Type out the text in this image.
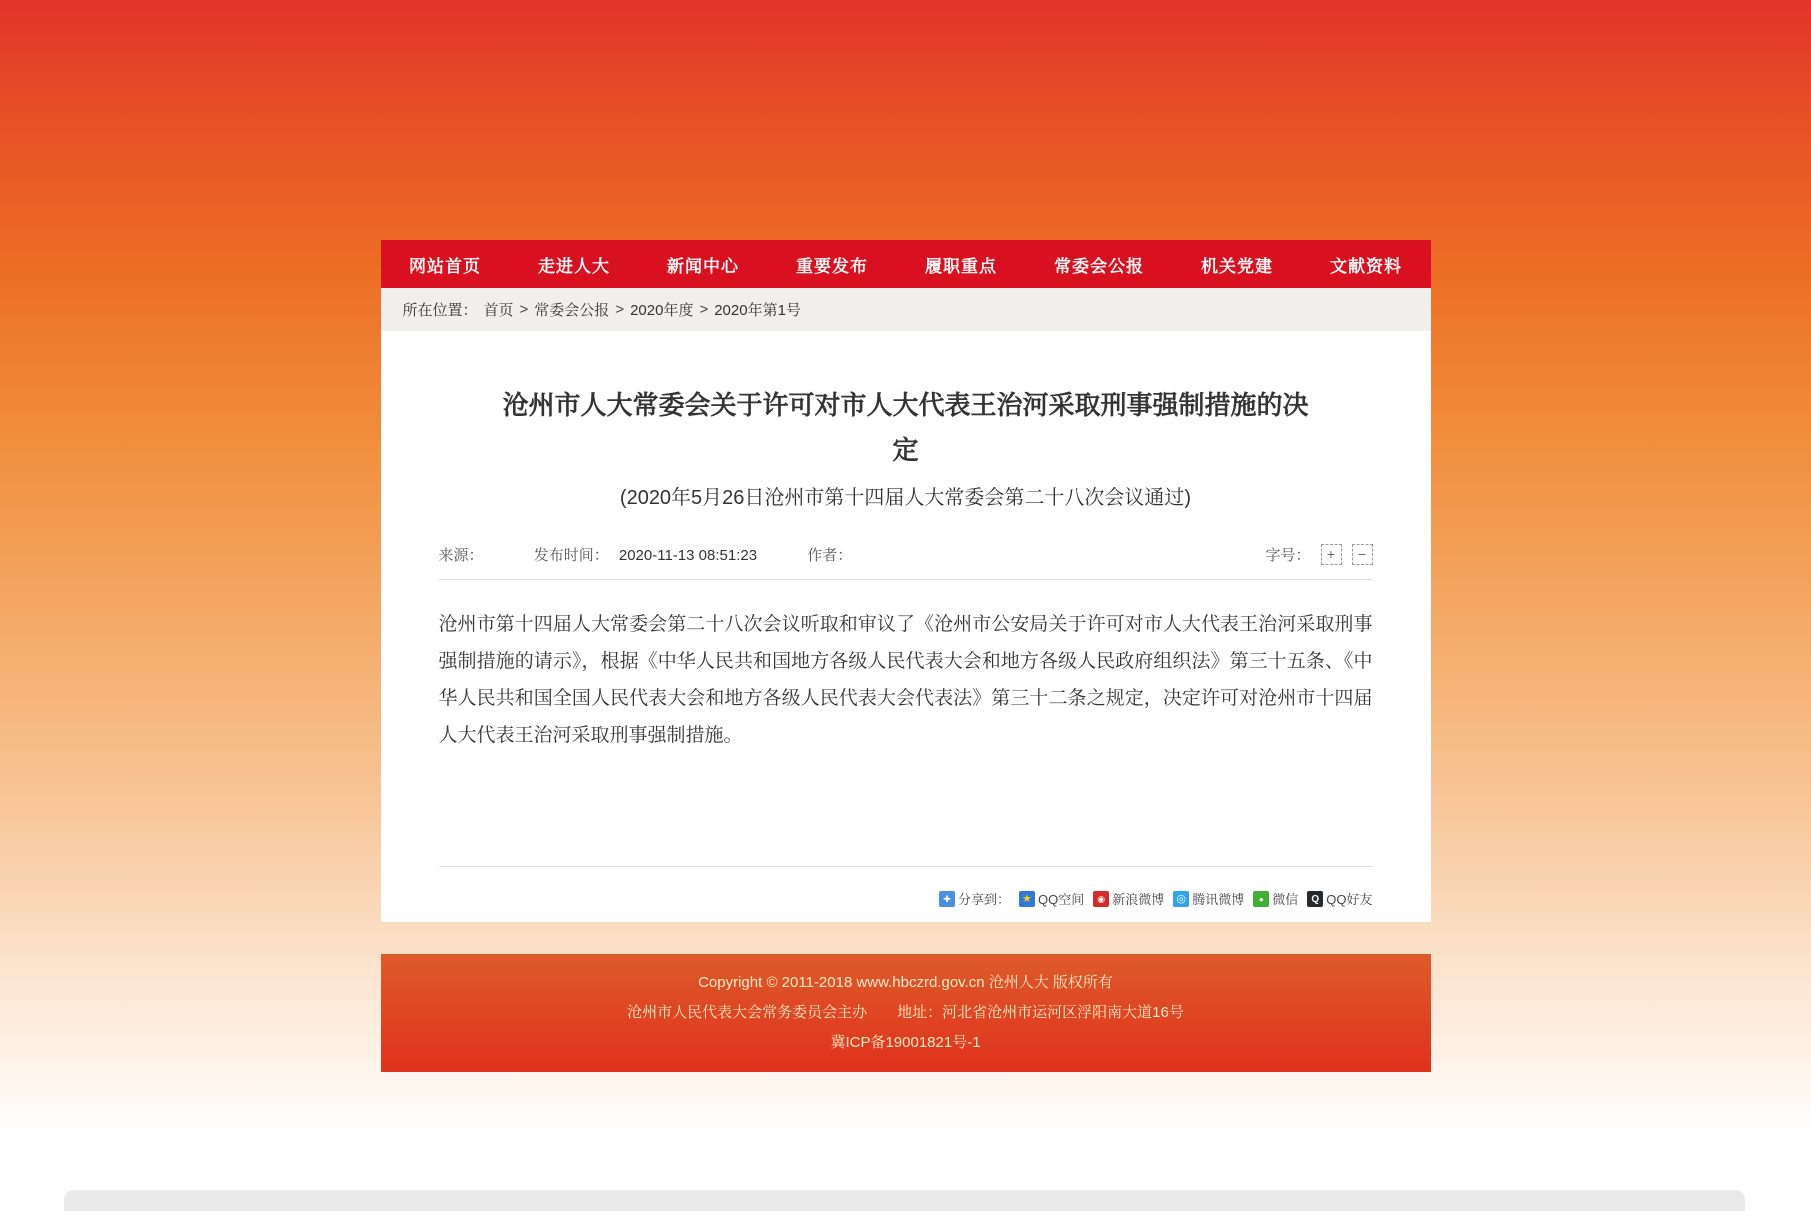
网站首页	走进人大	新闻中心	重要发布	履职重点	常委会公报	机关党建	文献资料
所在位置： 首页 > 常委会公报 > 2020年度 > 2020年第1号
沧州市人大常委会关于许可对市人大代表王治河采取刑事强制措施的决定
(2020年5月26日沧州市第十四届人大常委会第二十八次会议通过)
来源：	发布时间： 2020-11-13 08:51:23	作者：	字号：	+	−

沧州市第十四届人大常委会第二十八次会议听取和审议了《沧州市公安局关于许可对市人大代表王治河采取刑事强制措施的请示》，根据《中华人民共和国地方各级人民代表大会和地方各级人民政府组织法》第三十五条、《中华人民共和国全国人民代表大会和地方各级人民代表大会代表法》第三十二条之规定，决定许可对沧州市十四届人大代表王治河采取刑事强制措施。

✚
分享到： ★ QQ空间 ◉ 新浪微博 ◎ 腾讯微博 ● 微信 Q QQ好友
Copyright © 2011-2018 www.hbczrd.gov.cn 沧州人大 版权所有
沧州市人民代表大会常务委员会主办　　地址：河北省沧州市运河区浮阳南大道16号
冀ICP备19001821号-1
